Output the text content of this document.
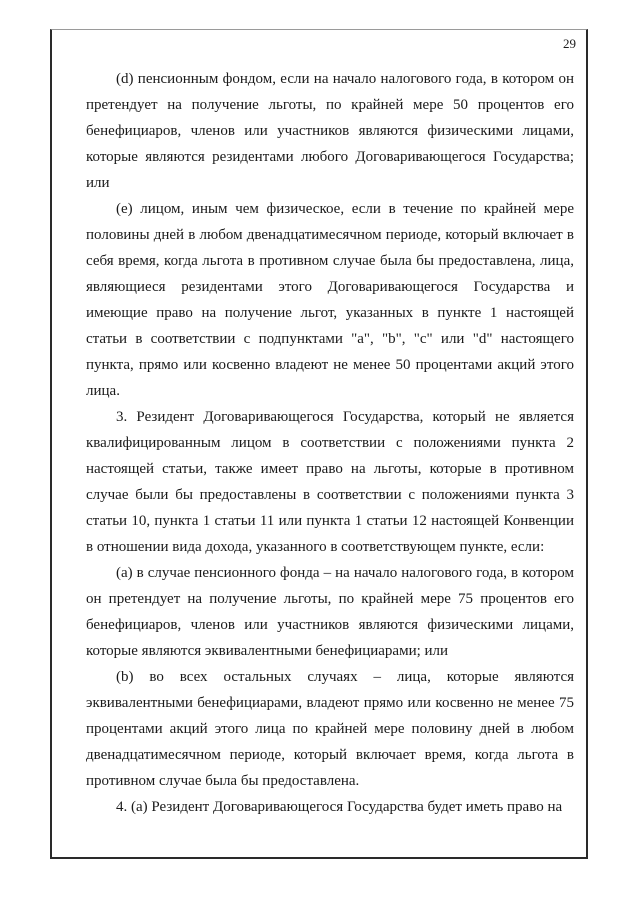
29

(d) пенсионным фондом, если на начало налогового года, в котором он претендует на получение льготы, по крайней мере 50 процентов его бенефициаров, членов или участников являются физическими лицами, которые являются резидентами любого Договаривающегося Государства; или

(e) лицом, иным чем физическое, если в течение по крайней мере половины дней в любом двенадцатимесячном периоде, который включает в себя время, когда льгота в противном случае была бы предоставлена, лица, являющиеся резидентами этого Договаривающегося Государства и имеющие право на получение льгот, указанных в пункте 1 настоящей статьи в соответствии с подпунктами "а", "b", "с" или "d" настоящего пункта, прямо или косвенно владеют не менее 50 процентами акций этого лица.

3. Резидент Договаривающегося Государства, который не является квалифицированным лицом в соответствии с положениями пункта 2 настоящей статьи, также имеет право на льготы, которые в противном случае были бы предоставлены в соответствии с положениями пункта 3 статьи 10, пункта 1 статьи 11 или пункта 1 статьи 12 настоящей Конвенции в отношении вида дохода, указанного в соответствующем пункте, если:

(а) в случае пенсионного фонда – на начало налогового года, в котором он претендует на получение льготы, по крайней мере 75 процентов его бенефициаров, членов или участников являются физическими лицами, которые являются эквивалентными бенефициарами; или

(b) во всех остальных случаях – лица, которые являются эквивалентными бенефициарами, владеют прямо или косвенно не менее 75 процентами акций этого лица по крайней мере половину дней в любом двенадцатимесячном периоде, который включает время, когда льгота в противном случае была бы предоставлена.

4. (а) Резидент Договаривающегося Государства будет иметь право на
